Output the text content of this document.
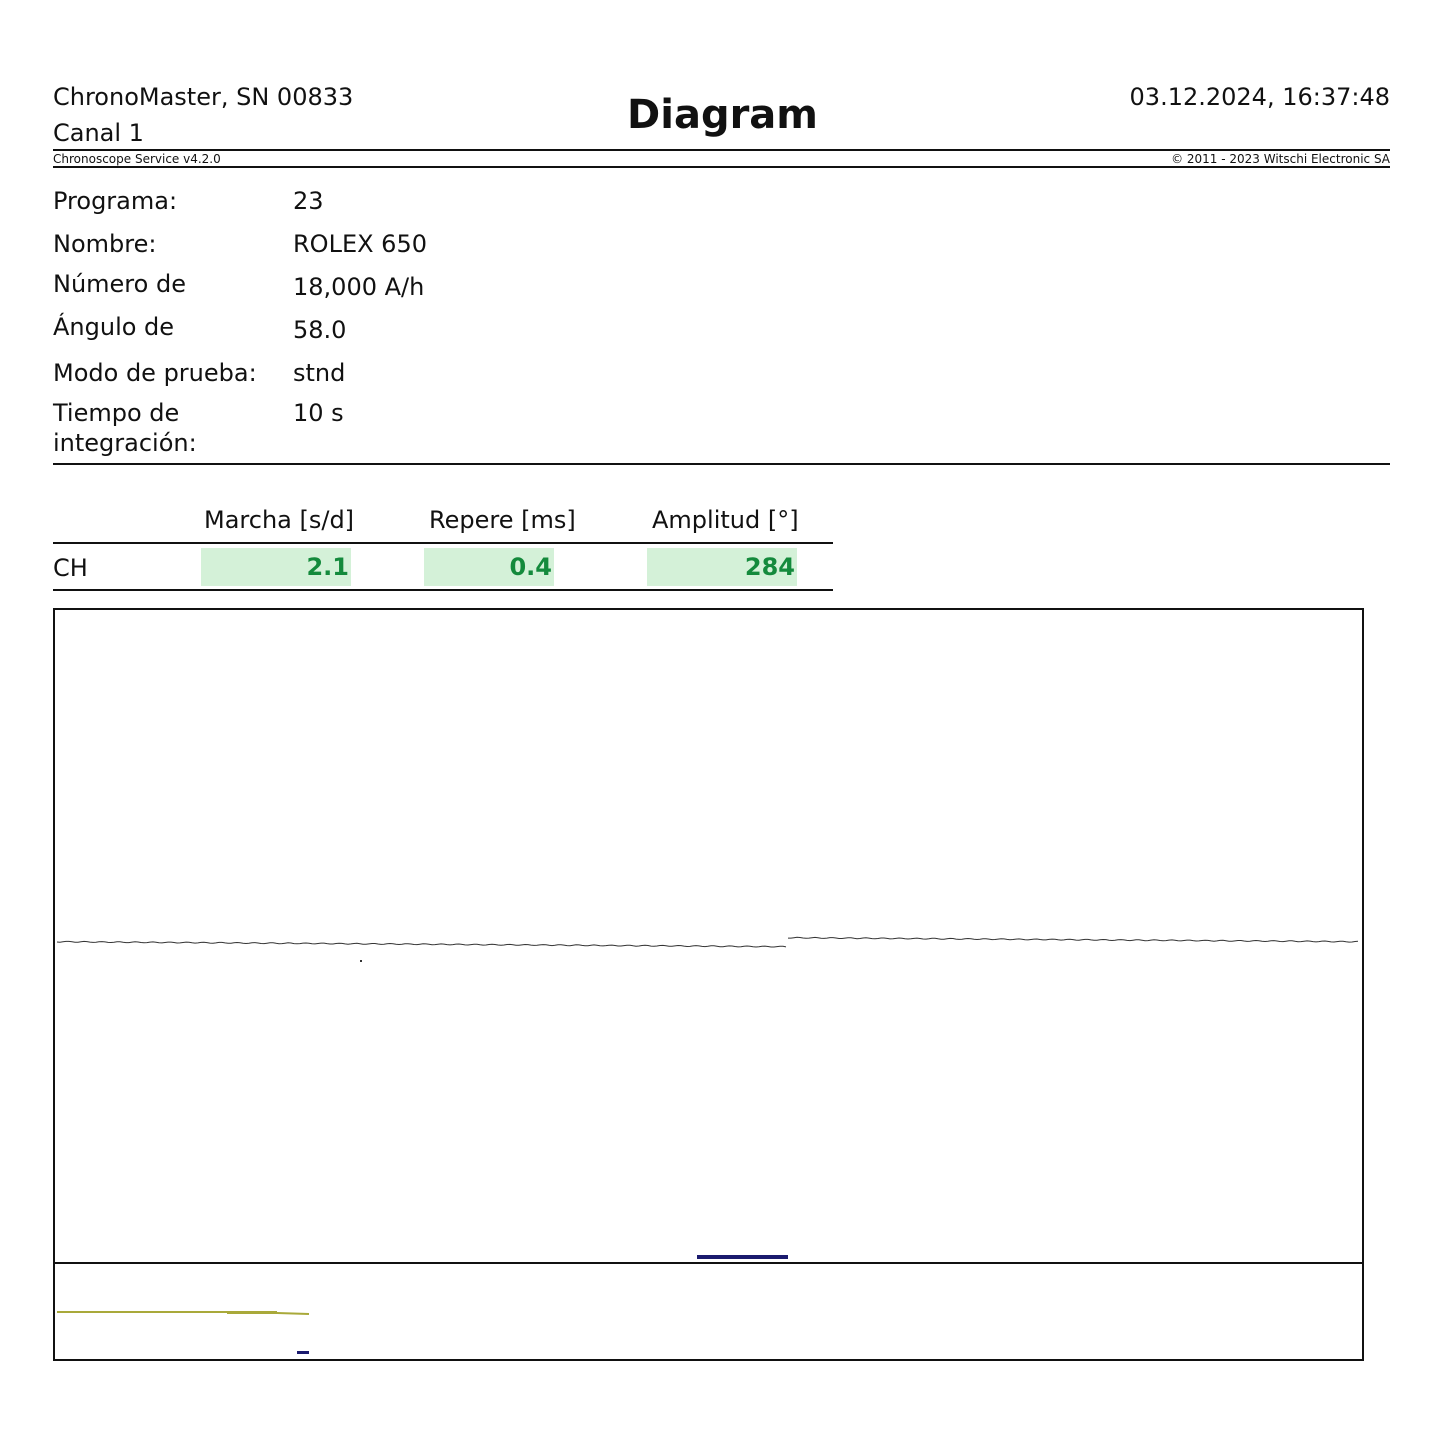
ChronoMaster, SN 00833
Canal 1	Diagram	03.12.2024, 16:37:48
Chronoscope Service v4.2.0	© 2011 - 2023 Witschi Electronic SA
Programa:	23
Nombre:	ROLEX 650
Número de	18,000 A/h
Ángulo de	58.0
Modo de prueba:	stnd
Tiempo de integración:
10 s
Marcha [s/d]	Repere [ms]	Amplitud [°]
CH	2.1	0.4	284
